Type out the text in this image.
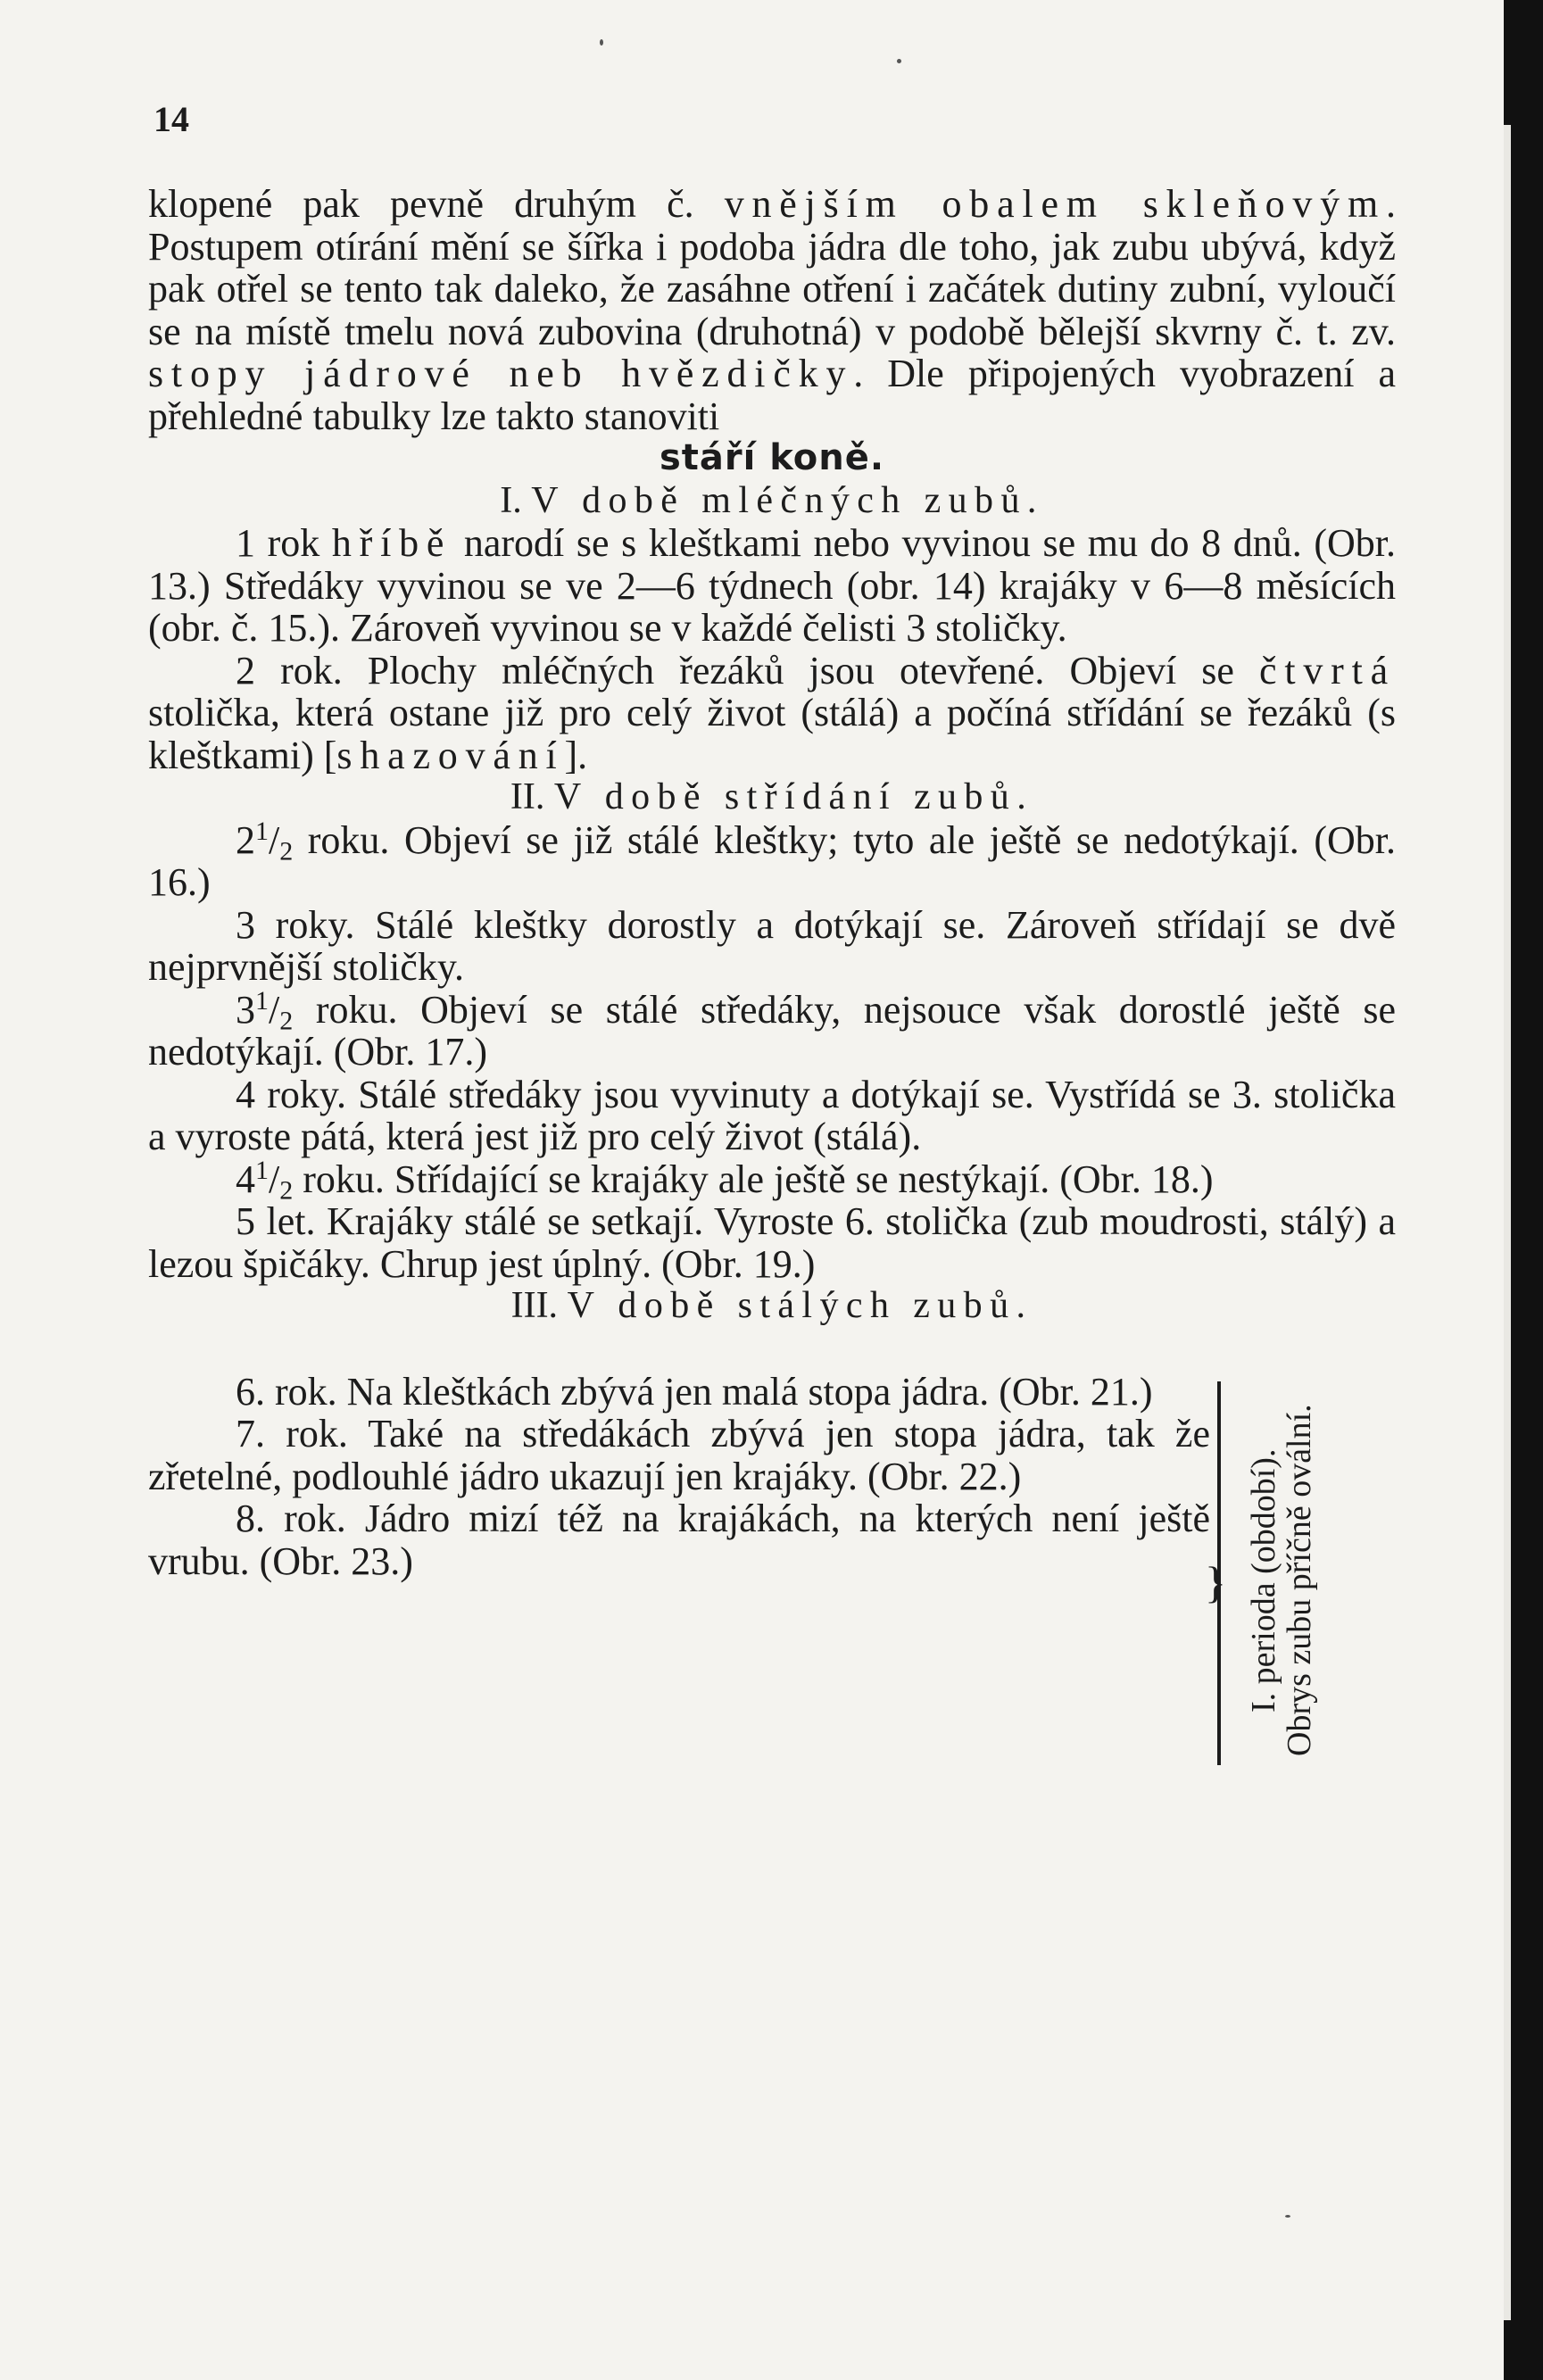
14

klopené pak pevně druhým č. vnějším obalem skleňovým. Postupem otírání mění se šířka i podoba jádra dle toho, jak zubu ubývá, když pak otřel se tento tak daleko, že zasáhne otření i začátek dutiny zubní, vyloučí se na místě tmelu nová zubovina (druhotná) v podobě bělejší skvrny č. t. zv. stopy jádrové neb hvězdičky. Dle připojených vyobrazení a přehledné tabulky lze takto stanoviti

stáří koně.

I. V době mléčných zubů.

1 rok hříbě narodí se s kleštkami nebo vyvinou se mu do 8 dnů. (Obr. 13.) Středáky vyvinou se ve 2—6 týdnech (obr. 14) krajáky v 6—8 měsících (obr. č. 15.). Zároveň vyvinou se v každé čelisti 3 stoličky.

2 rok. Plochy mléčných řezáků jsou otevřené. Objeví se čtvrtá stolička, která ostane již pro celý život (stálá) a počíná střídání se řezáků (s kleštkami) [shazování].

II. V době střídání zubů.

$2^1/_2$ roku. Objeví se již stálé kleštky; tyto ale ještě se nedotýkají. (Obr. 16.)

3 roky. Stálé kleštky dorostly a dotýkají se. Zároveň střídají se dvě nejprvnější stoličky.

$3^1/_2$ roku. Objeví se stálé středáky, nejsouce však dorostlé ještě se nedotýkají. (Obr. 17.)

4 roky. Stálé středáky jsou vyvinuty a dotýkají se. Vystřídá se 3. stolička a vyroste pátá, která jest již pro celý život (stálá).

$4^1/_2$ roku. Střídající se krajáky ale ještě se nestýkají. (Obr. 18.)

5 let. Krajáky stálé se setkají. Vyroste 6. stolička (zub moudrosti, stálý) a lezou špičáky. Chrup jest úplný. (Obr. 19.)

III. V době stálých zubů.

6. rok. Na kleštkách zbývá jen malá stopa jádra. (Obr. 21.)

7. rok. Také na středákách zbývá jen stopa jádra, tak že zřetelné, podlouhlé jádro ukazují jen krajáky. (Obr. 22.)

8. rok. Jádro mizí též na krajákách, na kterých není ještě vrubu. (Obr. 23.)	} I. perioda (období).
Obrys zubu příčně ovální.
